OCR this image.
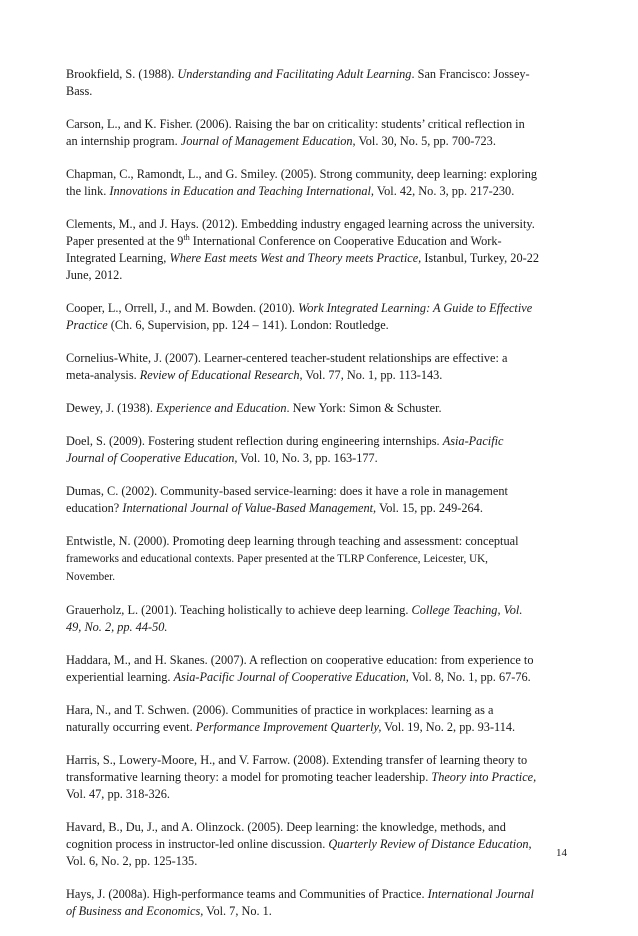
Brookfield, S. (1988). Understanding and Facilitating Adult Learning. San Francisco: Jossey-
Bass.
Carson, L., and K. Fisher. (2006). Raising the bar on criticality: students’ critical reflection in
an internship program. Journal of Management Education, Vol. 30, No. 5, pp. 700-723.
Chapman, C., Ramondt, L., and G. Smiley. (2005). Strong community, deep learning: exploring
the link. Innovations in Education and Teaching International, Vol. 42, No. 3, pp. 217-230.
Clements, M., and J. Hays. (2012). Embedding industry engaged learning across the university.
Paper presented at the 9th International Conference on Cooperative Education and Work-
Integrated Learning, Where East meets West and Theory meets Practice, Istanbul, Turkey, 20-22
June, 2012.
Cooper, L., Orrell, J., and M. Bowden. (2010). Work Integrated Learning: A Guide to Effective
Practice (Ch. 6, Supervision, pp. 124 – 141). London: Routledge.
Cornelius-White, J. (2007). Learner-centered teacher-student relationships are effective: a
meta-analysis. Review of Educational Research, Vol. 77, No. 1, pp. 113-143.
Dewey, J. (1938). Experience and Education. New York: Simon & Schuster.
Doel, S. (2009). Fostering student reflection during engineering internships. Asia-Pacific
Journal of Cooperative Education, Vol. 10, No. 3, pp. 163-177.
Dumas, C. (2002). Community-based service-learning: does it have a role in management
education? International Journal of Value-Based Management, Vol. 15, pp. 249-264.
Entwistle, N. (2000). Promoting deep learning through teaching and assessment: conceptual
frameworks and educational contexts. Paper presented at the TLRP Conference, Leicester, UK,
November.
Grauerholz, L. (2001). Teaching holistically to achieve deep learning. College Teaching, Vol.
49, No. 2, pp. 44-50.
Haddara, M., and H. Skanes. (2007). A reflection on cooperative education: from experience to
experiential learning. Asia-Pacific Journal of Cooperative Education, Vol. 8, No. 1, pp. 67-76.
Hara, N., and T. Schwen. (2006). Communities of practice in workplaces: learning as a
naturally occurring event. Performance Improvement Quarterly, Vol. 19, No. 2, pp. 93-114.
Harris, S., Lowery-Moore, H., and V. Farrow. (2008). Extending transfer of learning theory to
transformative learning theory: a model for promoting teacher leadership. Theory into Practice,
Vol. 47, pp. 318-326.
Havard, B., Du, J., and A. Olinzock. (2005). Deep learning: the knowledge, methods, and
cognition process in instructor-led online discussion. Quarterly Review of Distance Education,
Vol. 6, No. 2, pp. 125-135.
Hays, J. (2008a). High-performance teams and Communities of Practice. International Journal
of Business and Economics, Vol. 7, No. 1.
14
